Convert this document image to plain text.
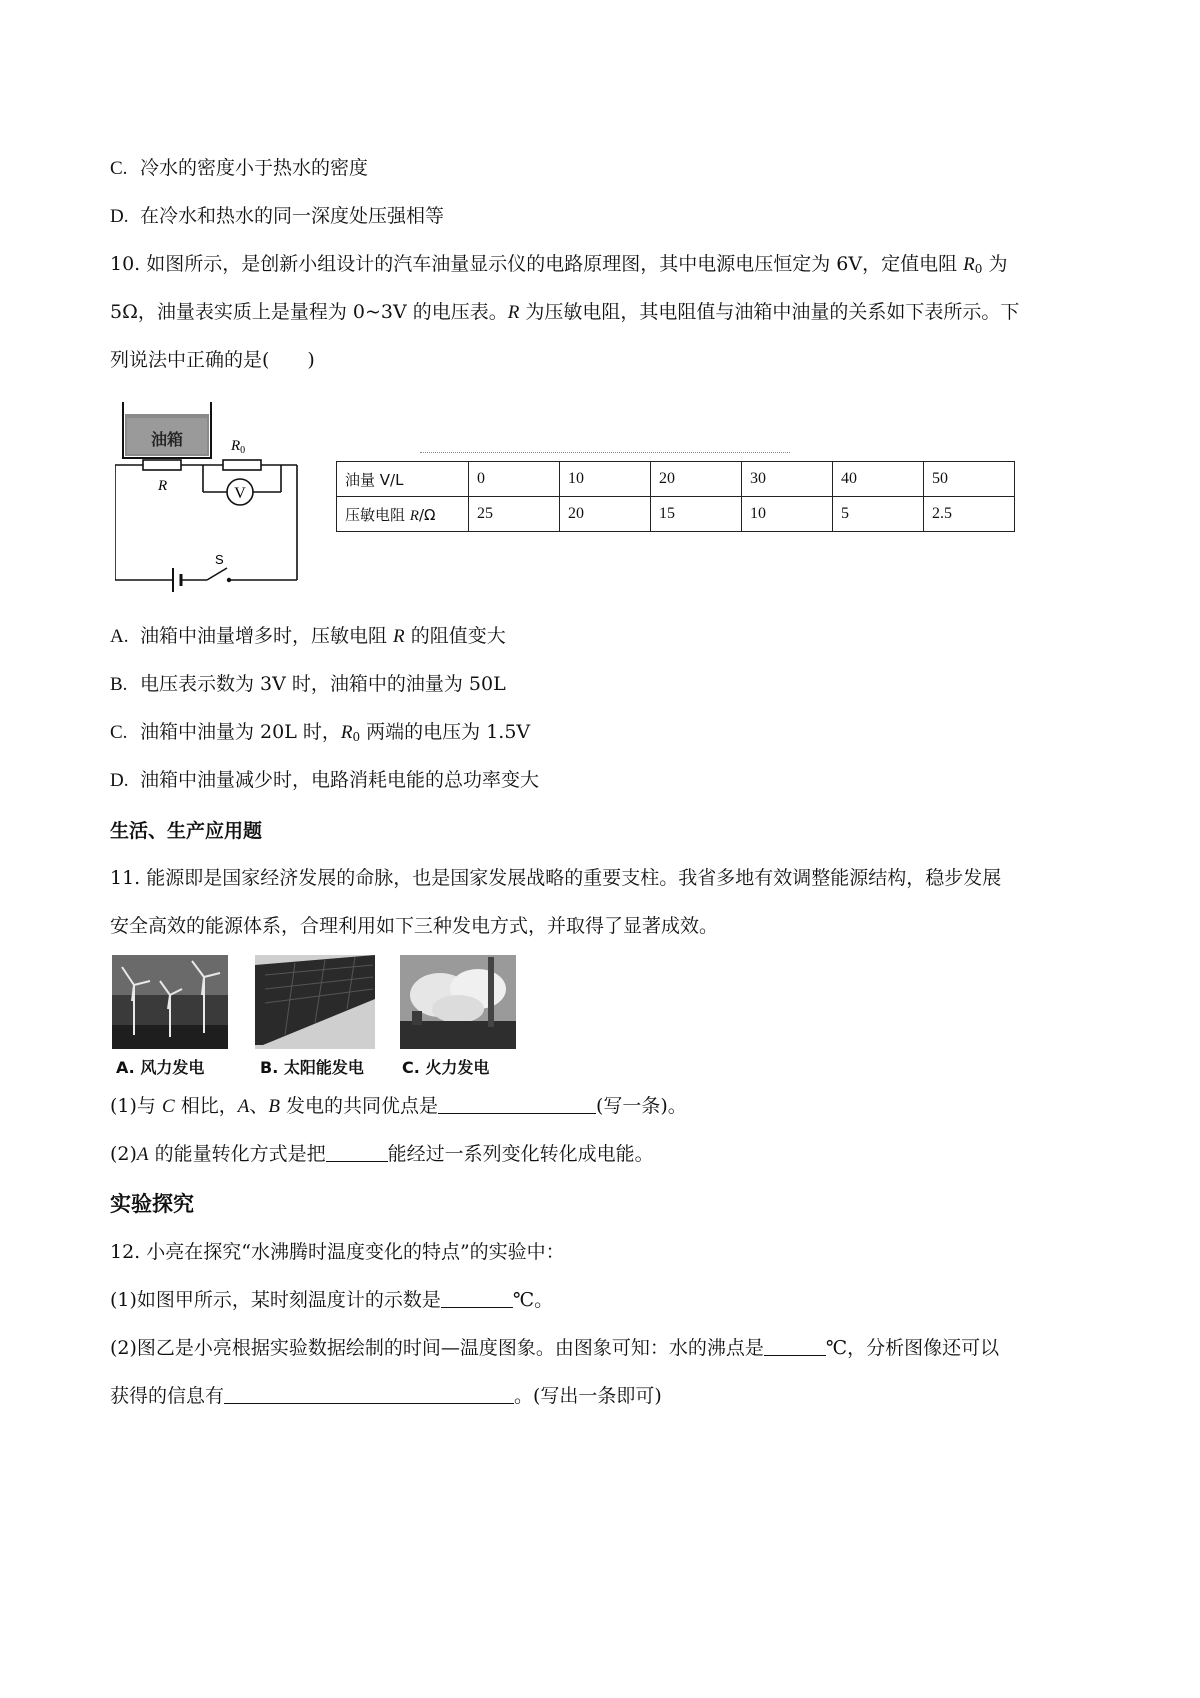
C. 冷水的密度小于热水的密度
D. 在冷水和热水的同一深度处压强相等
10. 如图所示，是创新小组设计的汽车油量显示仪的电路原理图，其中电源电压恒定为 6V，定值电阻 R0 为
5Ω，油量表实质上是量程为 0~3V 的电压表。R 为压敏电阻，其电阻值与油箱中油量的关系如下表所示。下
列说法中正确的是(　　)
油箱
R
$R_0$
V
S
油量 V/L	0	10	20	30	40	50
压敏电阻 R/Ω	25	20	15	10	5	2.5
A. 油箱中油量增多时，压敏电阻 R 的阻值变大
B. 电压表示数为 3V 时，油箱中的油量为 50L
C. 油箱中油量为 20L 时，R0 两端的电压为 1.5V
D. 油箱中油量减少时，电路消耗电能的总功率变大
生活、生产应用题
11. 能源即是国家经济发展的命脉，也是国家发展战略的重要支柱。我省多地有效调整能源结构，稳步发展
安全高效的能源体系，合理利用如下三种发电方式，并取得了显著成效。
A. 风力发电	B. 太阳能发电 C. 火力发电
(1)与 C 相比，A、B 发电的共同优点是	(写一条)。
(2)A 的能量转化方式是把	能经过一系列变化转化成电能。
实验探究
12. 小亮在探究“水沸腾时温度变化的特点”的实验中：
(1)如图甲所示，某时刻温度计的示数是	℃。
(2)图乙是小亮根据实验数据绘制的时间—温度图象。由图象可知：水的沸点是	℃，分析图像还可以
获得的信息有	。(写出一条即可)
